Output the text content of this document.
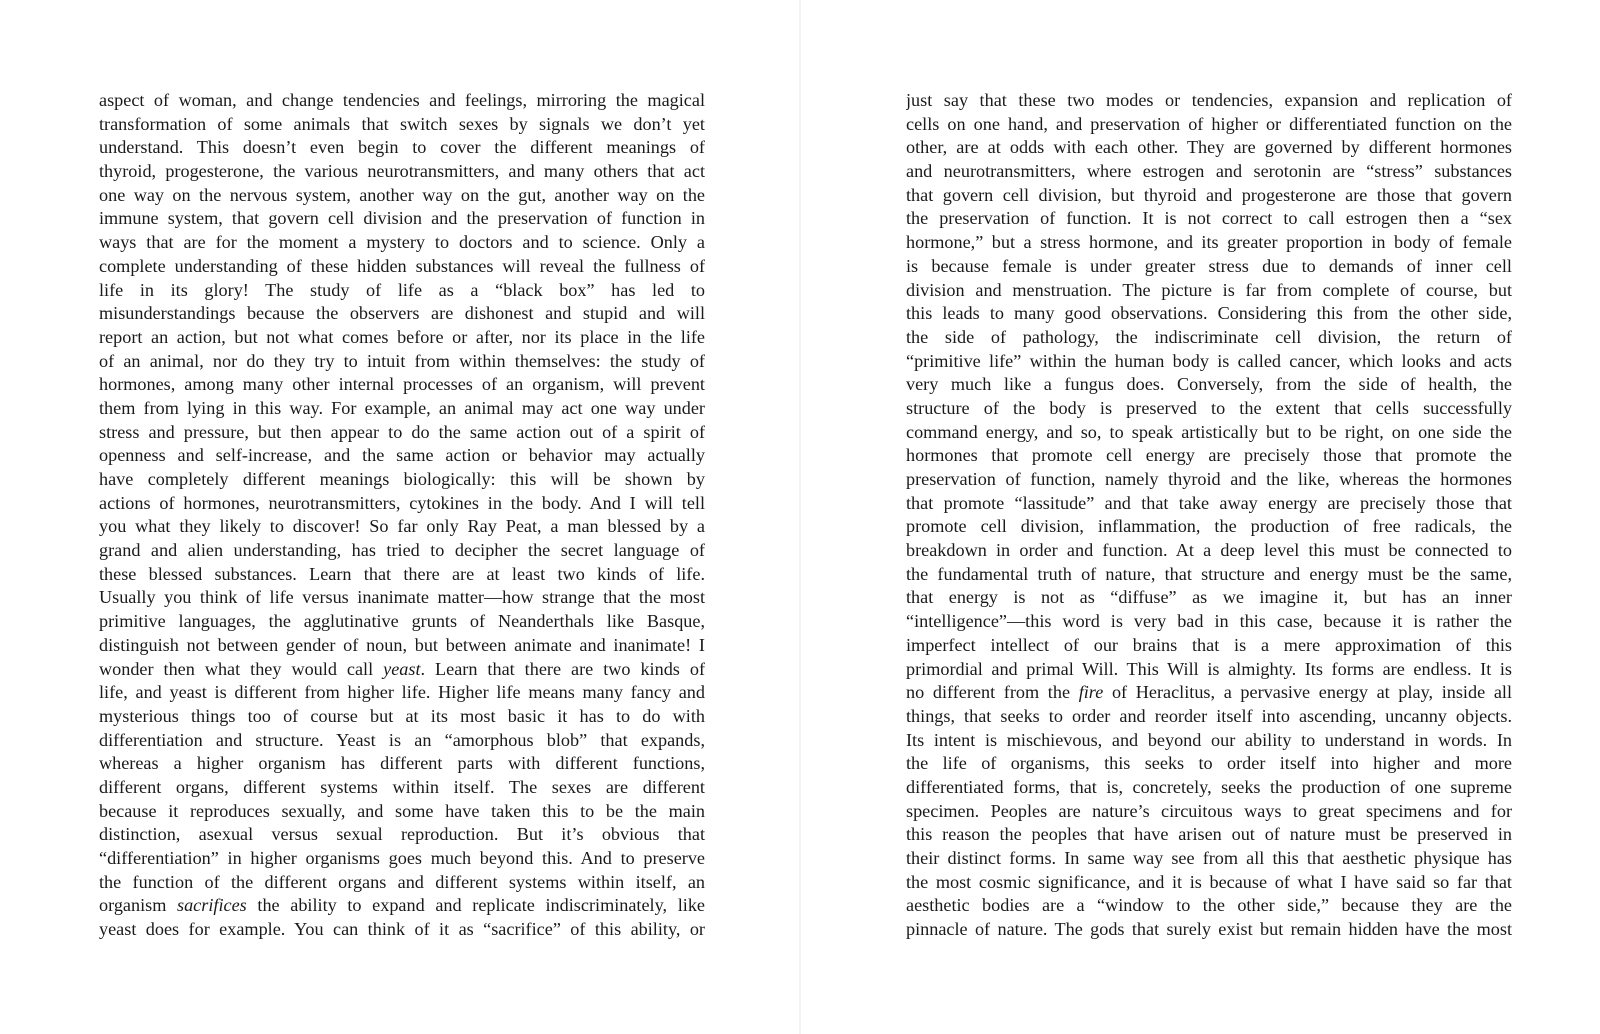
aspect of woman, and change tendencies and feelings, mirroring the magical
transformation of some animals that switch sexes by signals we don’t yet
understand. This doesn’t even begin to cover the different meanings of
thyroid, progesterone, the various neurotransmitters, and many others that act
one way on the nervous system, another way on the gut, another way on the
immune system, that govern cell division and the preservation of function in
ways that are for the moment a mystery to doctors and to science. Only a
complete understanding of these hidden substances will reveal the fullness of
life in its glory! The study of life as a “black box” has led to
misunderstandings because the observers are dishonest and stupid and will
report an action, but not what comes before or after, nor its place in the life
of an animal, nor do they try to intuit from within themselves: the study of
hormones, among many other internal processes of an organism, will prevent
them from lying in this way. For example, an animal may act one way under
stress and pressure, but then appear to do the same action out of a spirit of
openness and self-increase, and the same action or behavior may actually
have completely different meanings biologically: this will be shown by
actions of hormones, neurotransmitters, cytokines in the body. And I will tell
you what they likely to discover! So far only Ray Peat, a man blessed by a
grand and alien understanding, has tried to decipher the secret language of
these blessed substances. Learn that there are at least two kinds of life.
Usually you think of life versus inanimate matter—how strange that the most
primitive languages, the agglutinative grunts of Neanderthals like Basque,
distinguish not between gender of noun, but between animate and inanimate! I
wonder then what they would call yeast. Learn that there are two kinds of
life, and yeast is different from higher life. Higher life means many fancy and
mysterious things too of course but at its most basic it has to do with
differentiation and structure. Yeast is an “amorphous blob” that expands,
whereas a higher organism has different parts with different functions,
different organs, different systems within itself. The sexes are different
because it reproduces sexually, and some have taken this to be the main
distinction, asexual versus sexual reproduction. But it’s obvious that
“differentiation” in higher organisms goes much beyond this. And to preserve
the function of the different organs and different systems within itself, an
organism sacrifices the ability to expand and replicate indiscriminately, like
yeast does for example. You can think of it as “sacrifice” of this ability, or
just say that these two modes or tendencies, expansion and replication of
cells on one hand, and preservation of higher or differentiated function on the
other, are at odds with each other. They are governed by different hormones
and neurotransmitters, where estrogen and serotonin are “stress” substances
that govern cell division, but thyroid and progesterone are those that govern
the preservation of function. It is not correct to call estrogen then a “sex
hormone,” but a stress hormone, and its greater proportion in body of female
is because female is under greater stress due to demands of inner cell
division and menstruation. The picture is far from complete of course, but
this leads to many good observations. Considering this from the other side,
the side of pathology, the indiscriminate cell division, the return of
“primitive life” within the human body is called cancer, which looks and acts
very much like a fungus does. Conversely, from the side of health, the
structure of the body is preserved to the extent that cells successfully
command energy, and so, to speak artistically but to be right, on one side the
hormones that promote cell energy are precisely those that promote the
preservation of function, namely thyroid and the like, whereas the hormones
that promote “lassitude” and that take away energy are precisely those that
promote cell division, inflammation, the production of free radicals, the
breakdown in order and function. At a deep level this must be connected to
the fundamental truth of nature, that structure and energy must be the same,
that energy is not as “diffuse” as we imagine it, but has an inner
“intelligence”—this word is very bad in this case, because it is rather the
imperfect intellect of our brains that is a mere approximation of this
primordial and primal Will. This Will is almighty. Its forms are endless. It is
no different from the fire of Heraclitus, a pervasive energy at play, inside all
things, that seeks to order and reorder itself into ascending, uncanny objects.
Its intent is mischievous, and beyond our ability to understand in words. In
the life of organisms, this seeks to order itself into higher and more
differentiated forms, that is, concretely, seeks the production of one supreme
specimen. Peoples are nature’s circuitous ways to great specimens and for
this reason the peoples that have arisen out of nature must be preserved in
their distinct forms. In same way see from all this that aesthetic physique has
the most cosmic significance, and it is because of what I have said so far that
aesthetic bodies are a “window to the other side,” because they are the
pinnacle of nature. The gods that surely exist but remain hidden have the most
